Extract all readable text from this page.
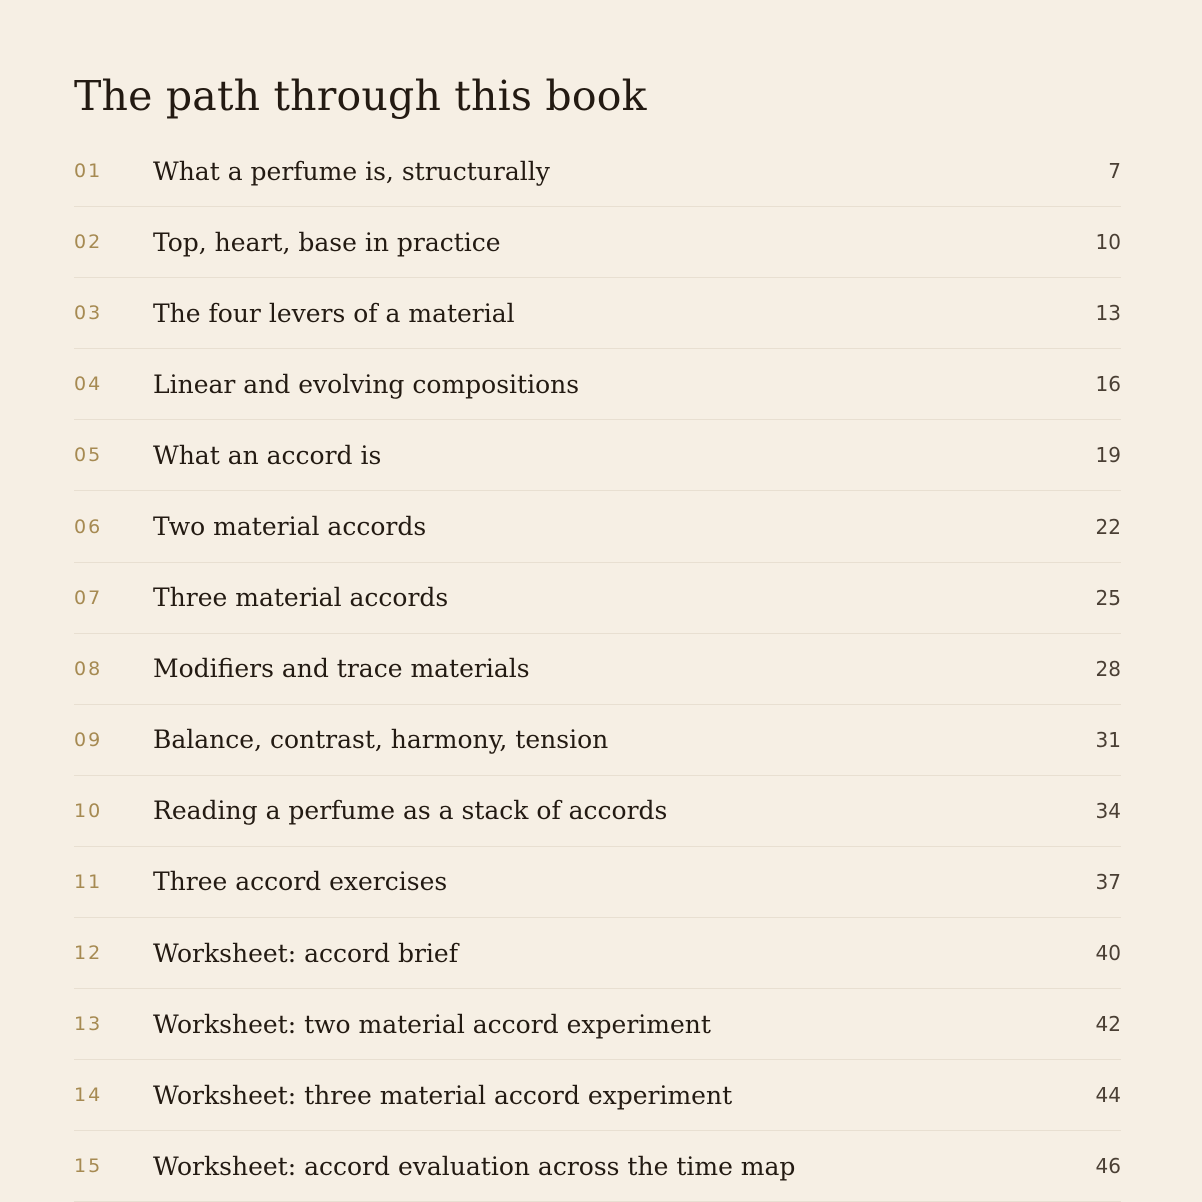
The path through this book
01	What a perfume is, structurally	7
02	Top, heart, base in practice	10
03	The four levers of a material	13
04	Linear and evolving compositions	16
05	What an accord is	19
06	Two material accords	22
07	Three material accords	25
08	Modifiers and trace materials	28
09	Balance, contrast, harmony, tension	31
10	Reading a perfume as a stack of accords	34
11	Three accord exercises	37
12	Worksheet: accord brief	40
13	Worksheet: two material accord experiment	42
14	Worksheet: three material accord experiment	44
15	Worksheet: accord evaluation across the time map	46
